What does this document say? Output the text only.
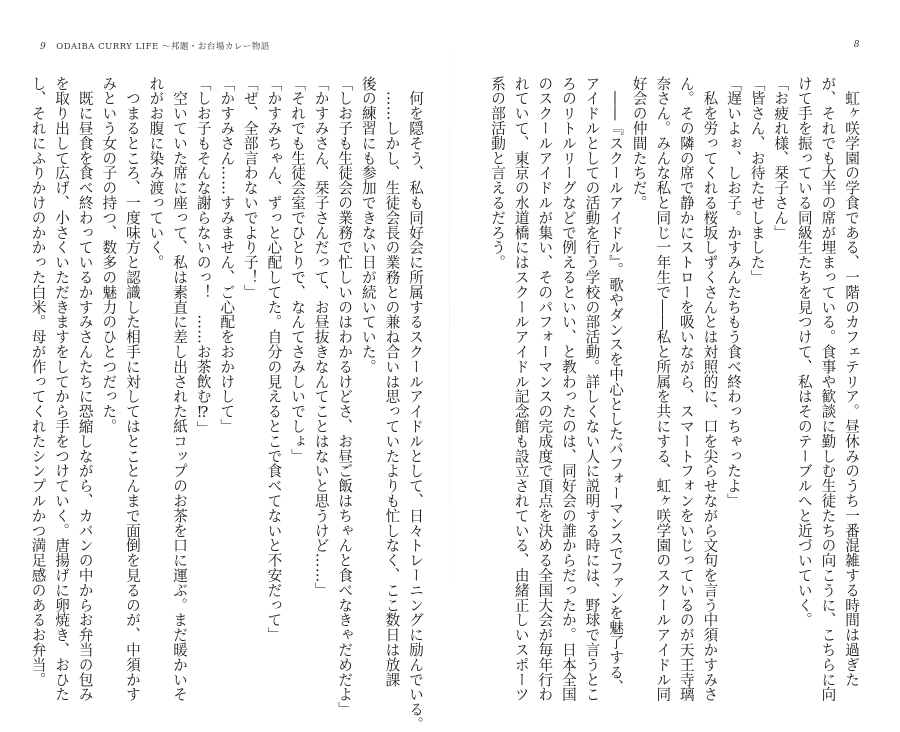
9 ODAIBA CURRY LIFE 〜邦題・お台場カレー物語	8
　虹ヶ咲学園の学食である、一階のカフェテリア。昼休みのうち一番混雑する時間は過ぎた
が、それでも大半の席が埋まっている。食事や歓談に勤しむ生徒たちの向こうに、こちらに向
けて手を振っている同級生たちを見つけて、私はそのテーブルへと近づいていく。
「お疲れ様、栞子さん」
「皆さん、お待たせしました」
「遅いよぉ、しお子。かすみんたちもう食べ終わっちゃったよ」
　私を労ってくれる桜坂しずくさんとは対照的に、口を尖らせながら文句を言う中須かすみさ
ん。その隣の席で静かにストローを吸いながら、スマートフォンをいじっているのが天王寺璃
奈さん。みんな私と同じ一年生で――私と所属を共にする、虹ヶ咲学園のスクールアイドル同
好会の仲間たちだ。
　――『スクールアイドル』。歌やダンスを中心としたパフォーマンスでファンを魅了する、
アイドルとしての活動を行う学校の部活動。詳しくない人に説明する時には、野球で言うとこ
ろのリトルリーグなどで例えるといい、と教わったのは、同好会の誰からだったか。日本全国
のスクールアイドルが集い、そのパフォーマンスの完成度で頂点を決める全国大会が毎年行わ
れていて、東京の水道橋にはスクールアイドル記念館も設立されている、由緒正しいスポーツ
系の部活動と言えるだろう。
　何を隠そう、私も同好会に所属するスクールアイドルとして、日々トレーニングに励んでいる。
　……しかし、生徒会長の業務との兼ね合いは思っていたよりも忙しなく、ここ数日は放課
後の練習にも参加できない日が続いていた。
「しお子も生徒会の業務で忙しいのはわかるけどさ、お昼ご飯はちゃんと食べなきゃだめだよ」
「かすみさん、栞子さんだって、お昼抜きなんてことはないと思うけど……」
「それでも生徒会室でひとりで、なんてさみしいでしょ」
「かすみちゃん、ずっと心配してた。自分の見えるとこで食べてないと不安だって」
「ぜ、全部言わないでより子！」
「かすみさん……すみません、ご心配をおかけして」
「しお子もそんな謝らないのっ！　……お茶飲む⁉」
　空いていた席に座って、私は素直に差し出された紙コップのお茶を口に運ぶ。まだ暖かいそ
れがお腹に染み渡っていく。
　つまるところ、一度味方と認識した相手に対してはとことんまで面倒を見るのが、中須かす
みという女の子の持つ、数多の魅力のひとつだった。
　既に昼食を食べ終わっているかすみさんたちに恐縮しながら、カバンの中からお弁当の包み
を取り出して広げ、小さくいただきますをしてから手をつけていく。唐揚げに卵焼き、おひた
し、それにふりかけのかかった白米。母が作ってくれたシンプルかつ満足感のあるお弁当。
